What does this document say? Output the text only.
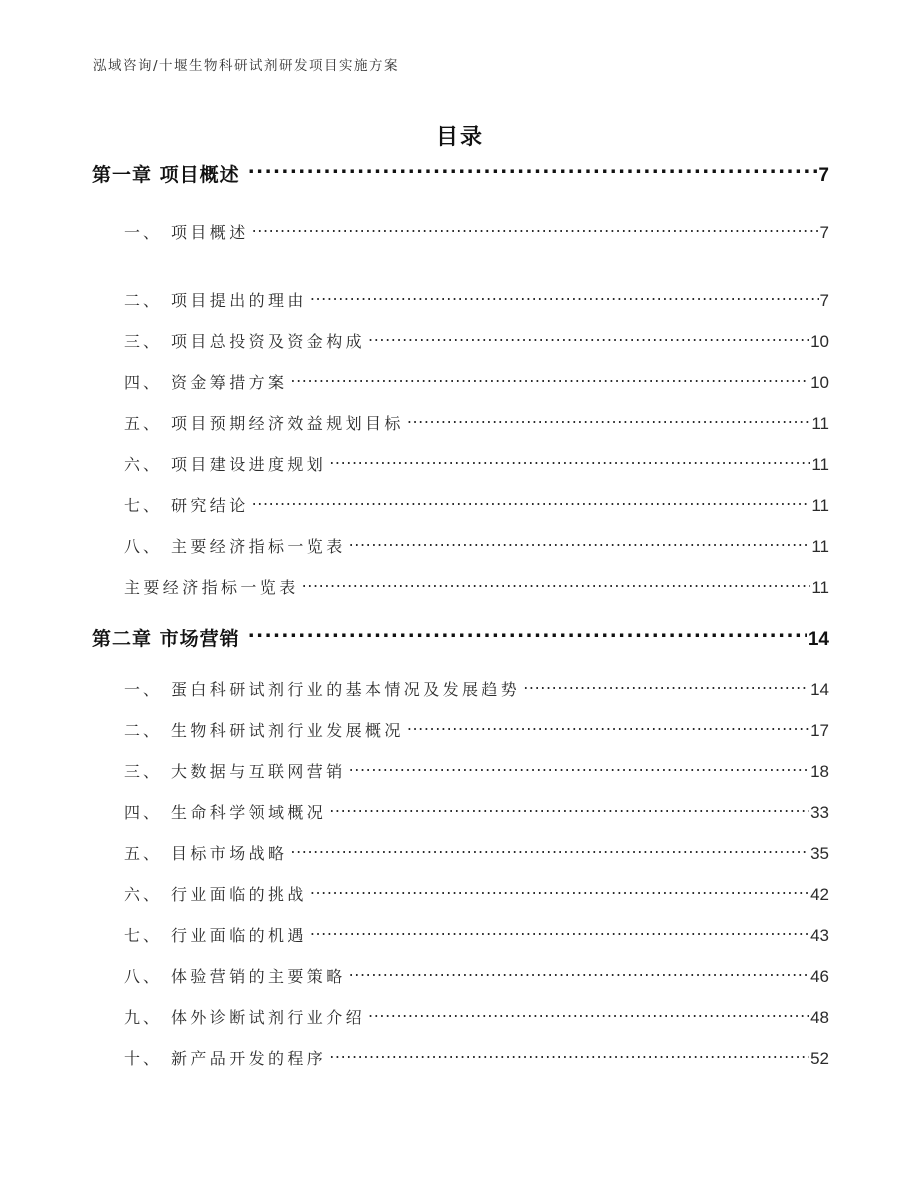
泓域咨询/十堰生物科研试剂研发项目实施方案
目录
第一章 项目概述 .....	7
一、 项目概述 .....	7
二、 项目提出的理由 .....	7
三、 项目总投资及资金构成 .....	10
四、 资金筹措方案 .....	10
五、 项目预期经济效益规划目标 .....	11
六、 项目建设进度规划 .....	11
七、 研究结论 .....	11
八、 主要经济指标一览表 .....	11
主要经济指标一览表 .....	11
第二章 市场营销 .....	14
一、 蛋白科研试剂行业的基本情况及发展趋势 .....	14
二、 生物科研试剂行业发展概况 .....	17
三、 大数据与互联网营销 .....	18
四、 生命科学领域概况 .....	33
五、 目标市场战略 .....	35
六、 行业面临的挑战 .....	42
七、 行业面临的机遇 .....	43
八、 体验营销的主要策略 .....	46
九、 体外诊断试剂行业介绍 .....	48
十、 新产品开发的程序 .....	52
